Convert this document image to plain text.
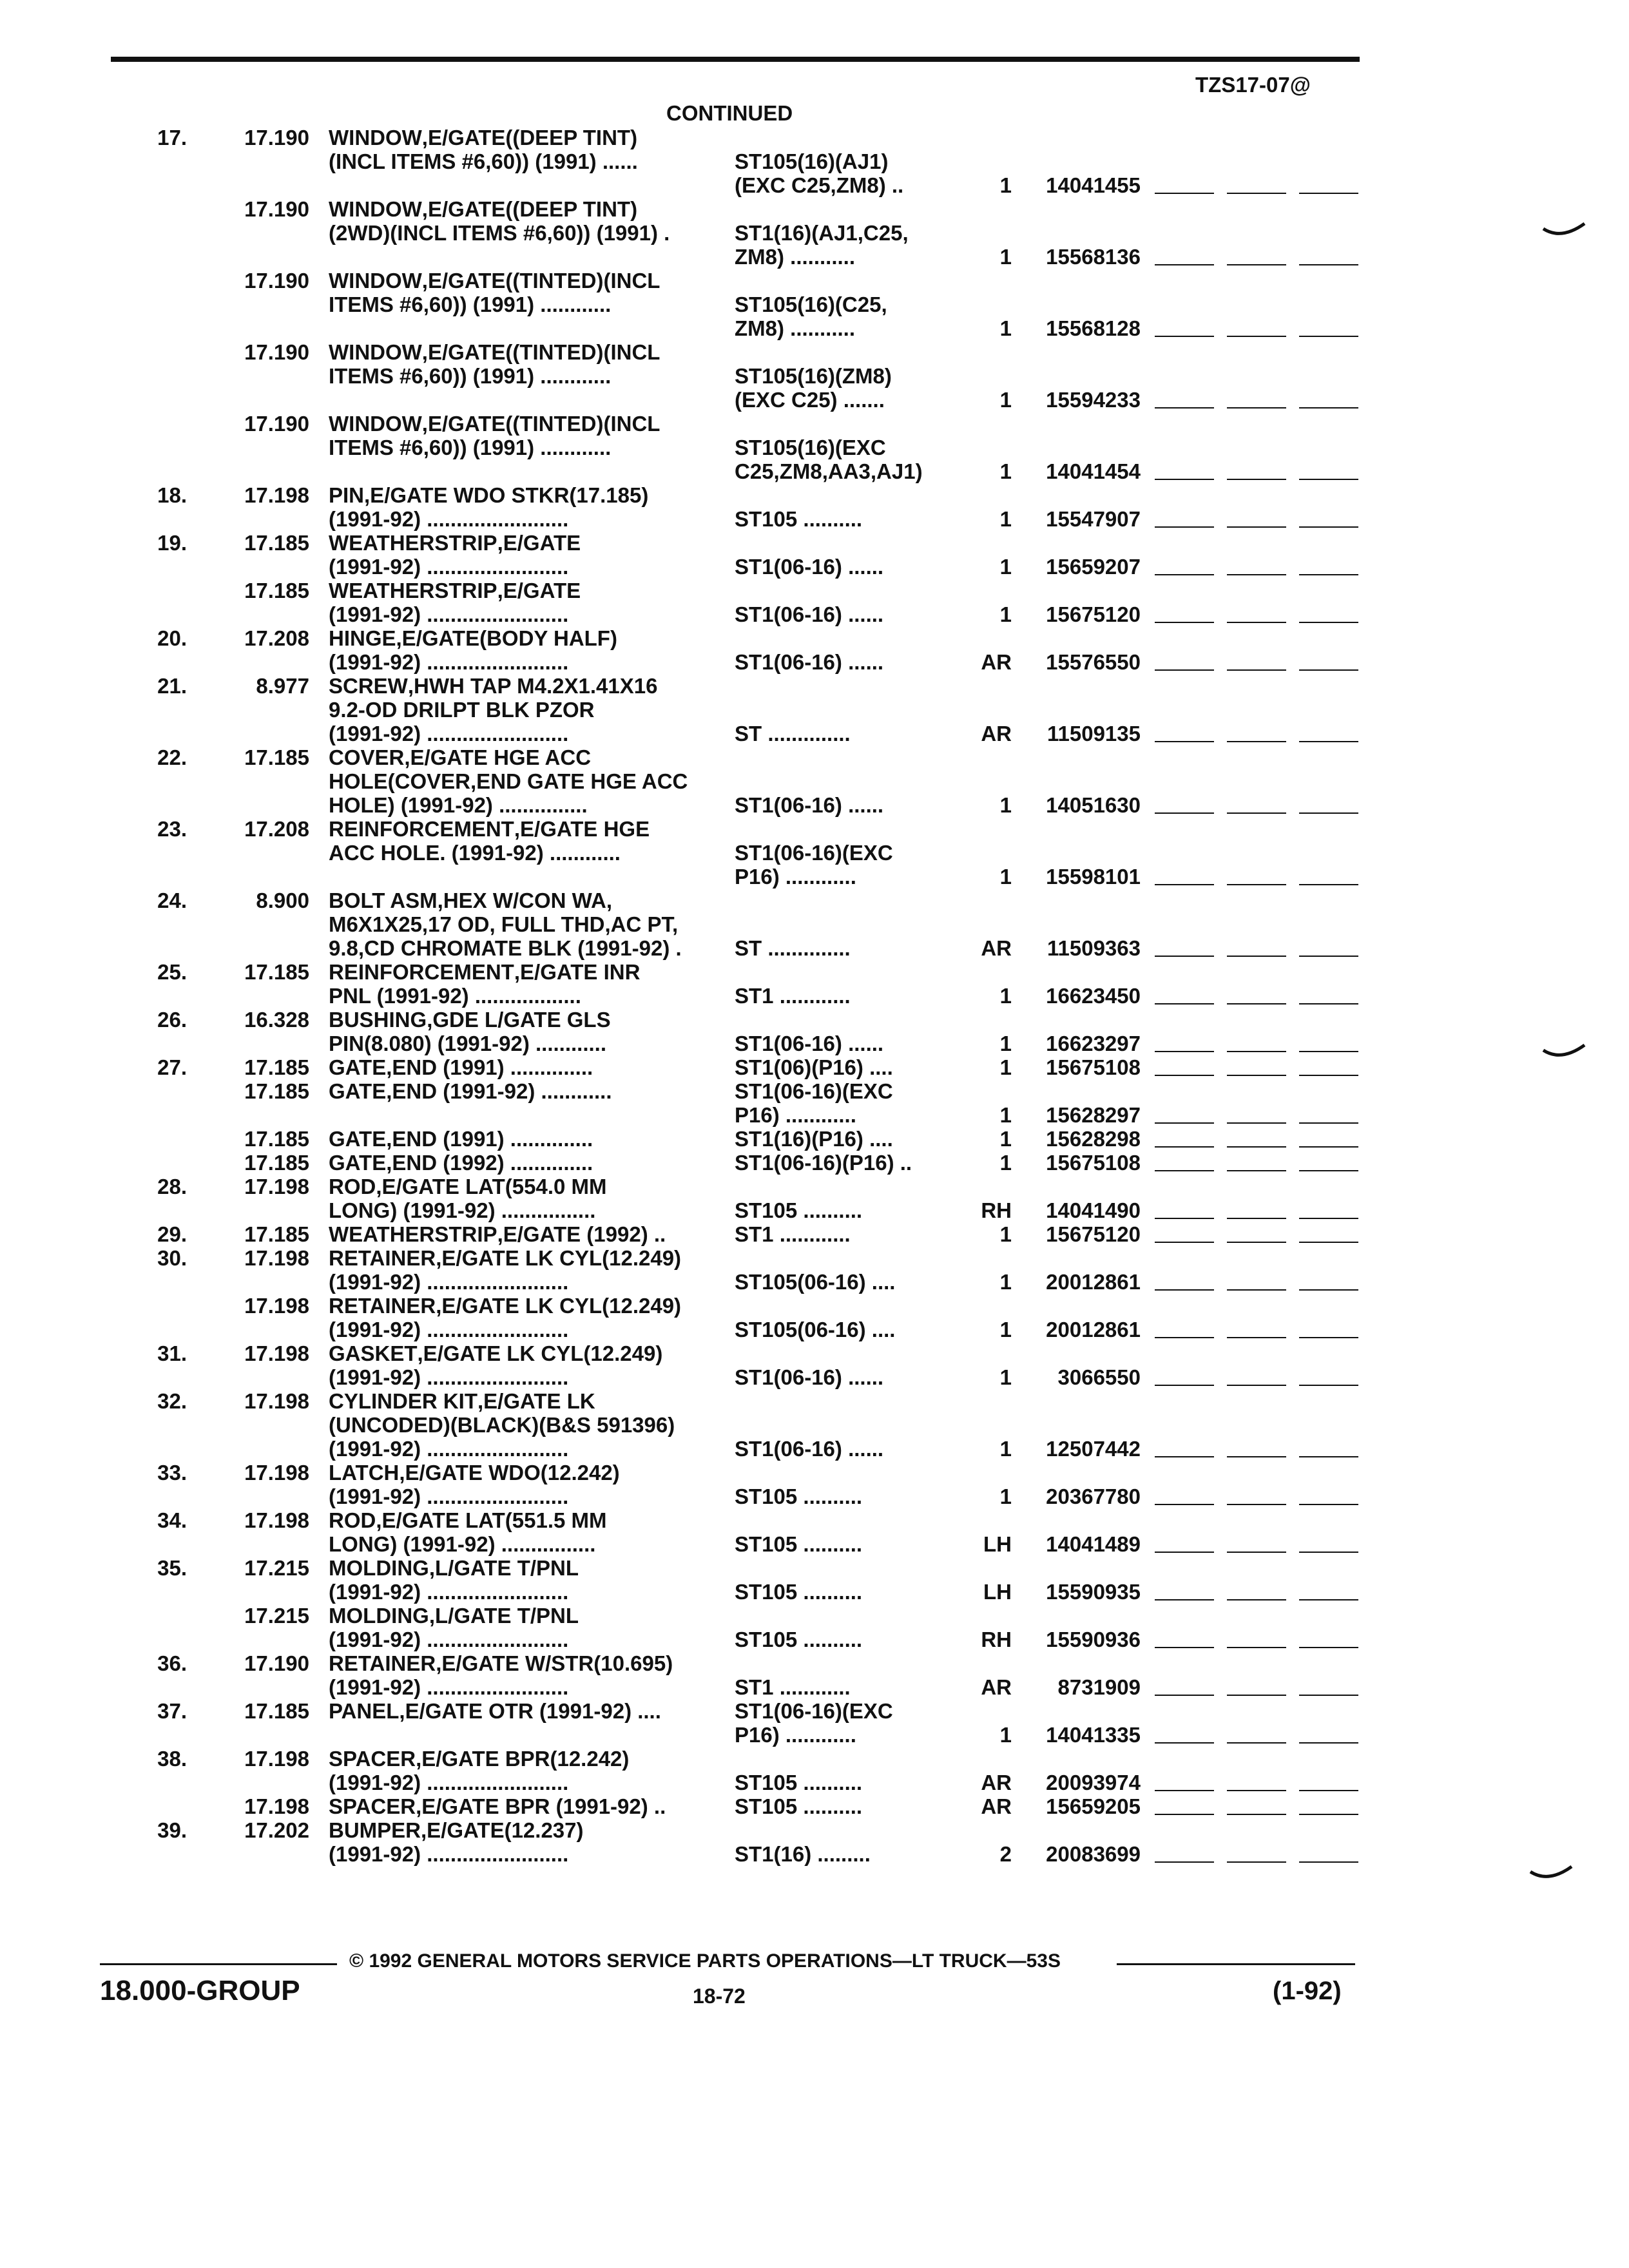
TZS17-07@
CONTINUED
17.	17.190 WINDOW,E/GATE((DEEP TINT)
(INCL ITEMS #6,60)) (1991) ......	ST105(16)(AJ1)
(EXC C25,ZM8) ..	1	14041455
17.190 WINDOW,E/GATE((DEEP TINT)
(2WD)(INCL ITEMS #6,60)) (1991) .	ST1(16)(AJ1,C25,
ZM8) ...........	1	15568136
17.190 WINDOW,E/GATE((TINTED)(INCL
ITEMS #6,60)) (1991) ............	ST105(16)(C25,
ZM8) ...........	1	15568128
17.190 WINDOW,E/GATE((TINTED)(INCL
ITEMS #6,60)) (1991) ............	ST105(16)(ZM8)
(EXC C25) .......	1	15594233
17.190 WINDOW,E/GATE((TINTED)(INCL
ITEMS #6,60)) (1991) ............	ST105(16)(EXC
C25,ZM8,AA3,AJ1)	1	14041454
18.	17.198 PIN,E/GATE WDO STKR(17.185)
(1991-92) ........................	ST105 ..........	1	15547907
19.	17.185 WEATHERSTRIP,E/GATE
(1991-92) ........................	ST1(06-16) ......	1	15659207
17.185 WEATHERSTRIP,E/GATE
(1991-92) ........................	ST1(06-16) ......	1	15675120
20.	17.208 HINGE,E/GATE(BODY HALF)
(1991-92) ........................	ST1(06-16) ......	AR	15576550
21.	8.977 SCREW,HWH TAP M4.2X1.41X16
9.2-OD DRILPT BLK PZOR
(1991-92) ........................	ST ..............	AR	11509135
22.	17.185 COVER,E/GATE HGE ACC
HOLE(COVER,END GATE HGE ACC
HOLE) (1991-92) ...............	ST1(06-16) ......	1	14051630
23.	17.208 REINFORCEMENT,E/GATE HGE
ACC HOLE. (1991-92) ............	ST1(06-16)(EXC
P16) ............	1	15598101
24.	8.900 BOLT ASM,HEX W/CON WA,
M6X1X25,17 OD, FULL THD,AC PT,
9.8,CD CHROMATE BLK (1991-92) .	ST ..............	AR	11509363
25.	17.185 REINFORCEMENT,E/GATE INR
PNL (1991-92) ..................	ST1 ............	1	16623450
26.	16.328 BUSHING,GDE L/GATE GLS
PIN(8.080) (1991-92) ............	ST1(06-16) ......	1	16623297
27.	17.185 GATE,END (1991) ..............	ST1(06)(P16) ....	1	15675108
17.185 GATE,END (1991-92) ............	ST1(06-16)(EXC
P16) ............	1	15628297
17.185 GATE,END (1991) ..............	ST1(16)(P16) ....	1	15628298
17.185 GATE,END (1992) ..............	ST1(06-16)(P16) ..	1	15675108
28.	17.198 ROD,E/GATE LAT(554.0 MM
LONG) (1991-92) ................	ST105 ..........	RH	14041490
29.	17.185 WEATHERSTRIP,E/GATE (1992) ..	ST1 ............	1	15675120
30.	17.198 RETAINER,E/GATE LK CYL(12.249)
(1991-92) ........................	ST105(06-16) ....	1	20012861
17.198 RETAINER,E/GATE LK CYL(12.249)
(1991-92) ........................	ST105(06-16) ....	1	20012861
31.	17.198 GASKET,E/GATE LK CYL(12.249)
(1991-92) ........................	ST1(06-16) ......	1	3066550
32.	17.198 CYLINDER KIT,E/GATE LK
(UNCODED)(BLACK)(B&S 591396)
(1991-92) ........................	ST1(06-16) ......	1	12507442
33.	17.198 LATCH,E/GATE WDO(12.242)
(1991-92) ........................	ST105 ..........	1	20367780
34.	17.198 ROD,E/GATE LAT(551.5 MM
LONG) (1991-92) ................	ST105 ..........	LH	14041489
35.	17.215 MOLDING,L/GATE T/PNL
(1991-92) ........................	ST105 ..........	LH	15590935
17.215 MOLDING,L/GATE T/PNL
(1991-92) ........................	ST105 ..........	RH	15590936
36.	17.190 RETAINER,E/GATE W/STR(10.695)
(1991-92) ........................	ST1 ............	AR	8731909
37.	17.185 PANEL,E/GATE OTR (1991-92) ....	ST1(06-16)(EXC
P16) ............	1	14041335
38.	17.198 SPACER,E/GATE BPR(12.242)
(1991-92) ........................	ST105 ..........	AR	20093974
17.198 SPACER,E/GATE BPR (1991-92) ..	ST105 ..........	AR	15659205
39.	17.202 BUMPER,E/GATE(12.237)
(1991-92) ........................	ST1(16) .........	2	20083699
© 1992 GENERAL MOTORS SERVICE PARTS OPERATIONS—LT TRUCK—53S
18.000-GROUP	18-72	(1-92)
